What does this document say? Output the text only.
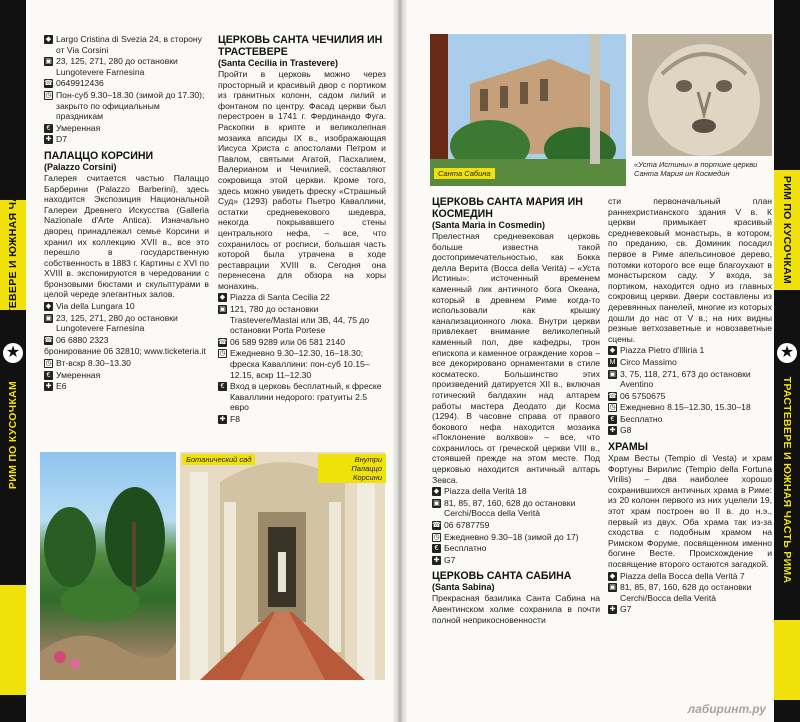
ТРАСТЕВЕРЕ И ЮЖНАЯ ЧАСТЬ РИМА
★
РИМ ПО КУСОЧКАМ
62

◆ Largo Cristina di Svezia 24, в сторону от Via Corsini

▣ 23, 125, 271, 280 до остановки Lungotevere Farnesina

☎ 0649912436

◷ Пон-суб 9.30–18.30 (зимой до 17.30); закрыто по официальным праздникам

€ Умеренная

✚ D7

ПАЛАЦЦО КОРСИНИ
(Palazzo Corsini)

Галерея считается частью Палаццо Барберини (Palazzo Barberini), здесь находится Экспозиция Национальной Галереи Древнего Искусства (Galleria Nazionale d'Arte Antica). Изначально дворец принадлежал семье Корсини и хранил их коллекцию XVII в., все это перешло в государственную собственность в 1883 г. Картины с XVI по XVIII в. экспонируются в чередовании с бронзовыми бюстами и скульптурами в целой череде элегантных залов.

◆ Via della Lungara 10

▣ 23, 125, 271, 280 до остановки Lungotevere Farnesina

☎ 06 6880 2323

бронирование 06 32810; www.ticketeria.it

◷ Вт-вскр 8.30–13.30

€ Умеренная

✚ E6

ЦЕРКОВЬ САНТА ЧЕЧИЛИЯ ИН ТРАСТЕВЕРЕ
(Santa Cecilia in Trastevere)

Пройти в церковь можно через просторный и красивый двор с портиком из гранитных колонн, садом лилий и фонтаном по центру. Фасад церкви был перестроен в 1741 г. Фердинандо Фуга. Раскопки в крипте и великолепная мозаика апсиды IX в., изображающая Иисуса Христа с апостолами Петром и Павлом, святыми Агатой, Пасхалием, Валерианом и Чечилией, составляют сокровища этой церкви. Кроме того, здесь можно увидеть фреску «Страшный Суд» (1293) работы Пьетро Каваллини, остатки средневекового шедевра, некогда покрывавшего стены центрального нефа, – все, что сохранилось от росписи, большая часть которой была утрачена в ходе реставрации XVIII в. Сегодня она перенесена для обзора на хоры монахинь.

◆ Piazza di Santa Cecilia 22

▣ 121, 780 до остановки Trastevere/Mastai или 3B, 44, 75 до остановки Porta Portese

☎ 06 589 9289 или 06 581 2140

◷ Ежедневно 9.30–12.30, 16–18.30; фреска Каваллини: пон-суб 10.15–12.15, вскр 11–12.30

€ Вход в церковь бесплатный, к фреске Каваллини недорого: гратуиты 2.5 евро

✚ F8

Ботанический сад	Внутри Палаццо Корсини
РИМ ПО КУСОЧКАМ
★
ТРАСТЕВЕРЕ И ЮЖНАЯ ЧАСТЬ РИМА
63
Санта Сабина
«Уста Истины» в портике церкви Санта Мария ин Космедин
ЦЕРКОВЬ САНТА МАРИЯ ИН КОСМЕДИН
(Santa Maria in Cosmedin)

Прелестная средневековая церковь больше известна такой достопримечательностью, как Бокка делла Верита (Bocca della Verità) – «Уста Истины»: источенный временем каменный лик античного бога Океана, который в древнем Риме когда-то использовали как крышку канализационного люка. Внутри церкви привлекает внимание великолепный каменный пол, две кафедры, трон епископа и каменное ограждение хоров – все декорировано орнаментами в стиле косматеско. Большинство этих произведений датируется XII в., включая готический балдахин над алтарем работы мастера Деодато ди Косма (1294). В часовне справа от правого бокового нефа находится мозаика «Поклонение волхвов» – все, что сохранилось от греческой церкви VIII в., стоявшей прежде на этом месте. Под церковью находится античный алтарь Зевса.

◆ Piazza della Verità 18

▣ 81, 85, 87, 160, 628 до остановки Cerchi/Bocca della Verità

☎ 06 6787759

◷ Ежедневно 9.30–18 (зимой до 17)

€ Бесплатно

✚ G7

ЦЕРКОВЬ САНТА САБИНА
(Santa Sabina)

Прекрасная базилика Санта Сабина на Авентинском холме сохранила в почти полной неприкосновенности

сти первоначальный план раннехристианского здания V в. К церкви примыкает красивый средневековый монастырь, в котором, по преданию, св. Доминик посадил первое в Риме апельсиновое дерево, потомки которого все еще благоухают в монастырском саду. У входа, за портиком, находится одно из главных сокровищ церкви. Двери составлены из деревянных панелей, многие из которых дошли до нас от V в.; на них видны резные ветхозаветные и новозаветные сцены.

◆ Piazza Pietro d'Illiria 1

M Circo Massimo

▣ 3, 75, 118, 271, 673 до остановки Aventino

☎ 06 5750675

◷ Ежедневно 8.15–12.30, 15.30–18

€ Бесплатно

✚ G8

ХРАМЫ

Храм Весты (Tempio di Vesta) и храм Фортуны Вирилис (Tempio della Fortuna Virilis) – два наиболее хорошо сохранившихся античных храма в Риме: из 20 колонн первого из них уцелели 19, этот храм построен во II в. до н.э., первый из двух. Оба храма так из-за сходства с подобным храмом на Римском Форуме, посвященном именно богине Весте. Происхождение и посвящение второго остаются загадкой.

◆ Piazza della Bocca della Verità 7

▣ 81, 85, 87, 160, 628 до остановки Cerchi/Bocca della Verità

✚ G7

лабиринт.ру
